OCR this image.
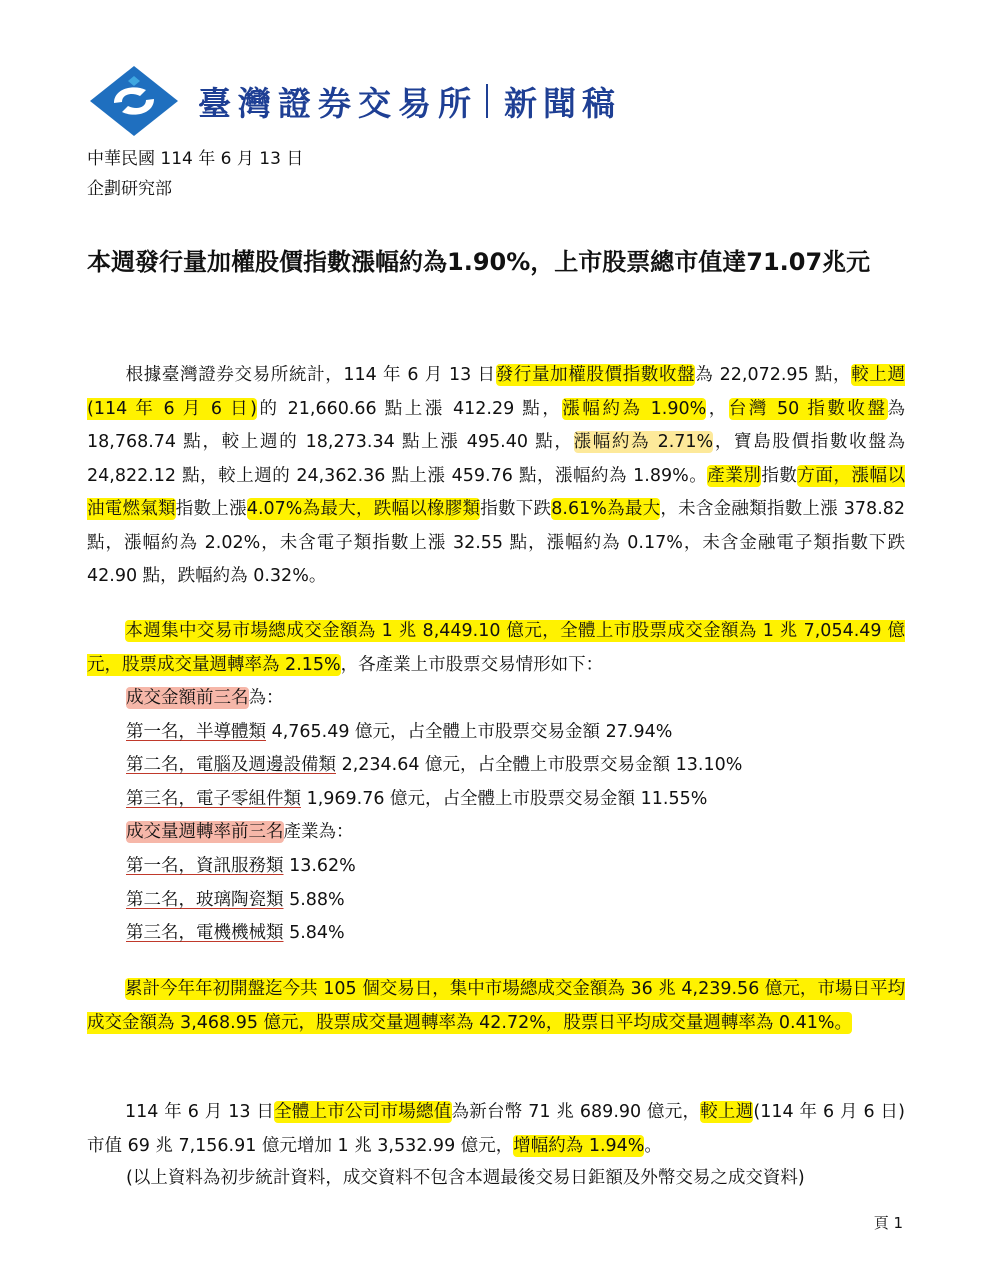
臺灣證券交易所 新聞稿
中華民國 114 年 6 月 13 日
企劃研究部
本週發行量加權股價指數漲幅約為1.90%，上市股票總市值達71.07兆元
根據臺灣證券交易所統計，114 年 6 月 13 日發行量加權股價指數收盤為 22,072.95 點，較上週(114 年 6 月 6 日)的 21,660.66 點上漲 412.29 點，漲幅約為 1.90%，台灣 50 指數收盤為 18,768.74 點，較上週的 18,273.34 點上漲 495.40 點，漲幅約為 2.71%，寶島股價指數收盤為 24,822.12 點，較上週的 24,362.36 點上漲 459.76 點，漲幅約為 1.89%。產業別指數方面，漲幅以油電燃氣類指數上漲4.07%為最大，跌幅以橡膠類指數下跌8.61%為最大，未含金融類指數上漲 378.82 點，漲幅約為 2.02%，未含電子類指數上漲 32.55 點，漲幅約為 0.17%，未含金融電子類指數下跌 42.90 點，跌幅約為 0.32%。
本週集中交易市場總成交金額為 1 兆 8,449.10 億元，全體上市股票成交金額為 1 兆 7,054.49 億元，股票成交量週轉率為 2.15%，各產業上市股票交易情形如下：
成交金額前三名為：
第一名，半導體類 4,765.49 億元，占全體上市股票交易金額 27.94%
第二名，電腦及週邊設備類 2,234.64 億元，占全體上市股票交易金額 13.10%
第三名，電子零組件類 1,969.76 億元，占全體上市股票交易金額 11.55%
成交量週轉率前三名產業為：
第一名，資訊服務類 13.62%
第二名，玻璃陶瓷類 5.88%
第三名，電機機械類 5.84%
累計今年年初開盤迄今共 105 個交易日，集中市場總成交金額為 36 兆 4,239.56 億元，市場日平均成交金額為 3,468.95 億元，股票成交量週轉率為 42.72%，股票日平均成交量週轉率為 0.41%。
114 年 6 月 13 日全體上市公司市場總值為新台幣 71 兆 689.90 億元，較上週(114 年 6 月 6 日)市值 69 兆 7,156.91 億元增加 1 兆 3,532.99 億元，增幅約為 1.94%。
(以上資料為初步統計資料，成交資料不包含本週最後交易日鉅額及外幣交易之成交資料)
頁 1
